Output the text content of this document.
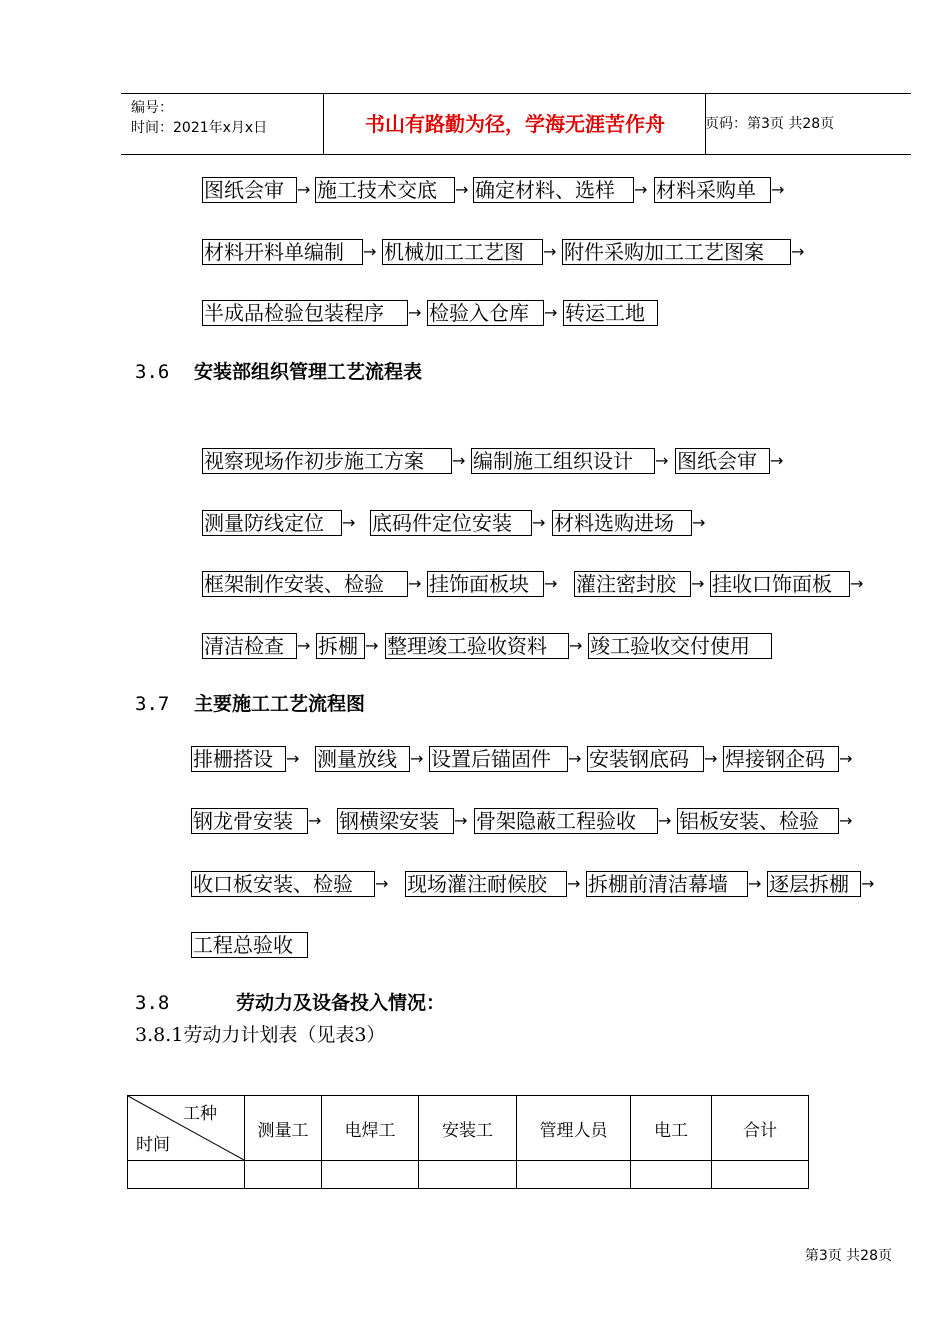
编号：
时间：2021年x月x日	书山有路勤为径，学海无涯苦作舟	页码：第3页 共28页
图纸会审 → 施工技术交底	→ 确定材料、选样	→ 材料采购单 →
材料开料单编制	→ 机械加工工艺图	→ 附件采购加工工艺图案	→
半成品检验包装程序	→ 检验入仓库 → 转运工地
3.6 安装部组织管理工艺流程表
视察现场作初步施工方案	→ 编制施工组织设计	→ 图纸会审 →
测量防线定位	→ 底码件定位安装	→ 材料选购进场	→
框架制作安装、检验	→ 挂饰面板块 → 灌注密封胶 → 挂收口饰面板	→
清洁检查 → 拆棚 → 整理竣工验收资料	→ 竣工验收交付使用
3.7 主要施工工艺流程图
排栅搭设 → 测量放线 → 设置后锚固件	→ 安装钢底码 → 焊接钢企码 →
钢龙骨安装 → 钢横梁安装 → 骨架隐蔽工程验收	→ 铝板安装、检验	→
收口板安装、检验	→ 现场灌注耐候胶	→ 拆棚前清洁幕墙	→ 逐层拆棚 →
工程总验收
3.8	劳动力及设备投入情况：
3.8.1劳动力计划表（见表3）
工种
时间	测量工	电焊工	安装工	管理人员	电工	合计

第3页 共28页
